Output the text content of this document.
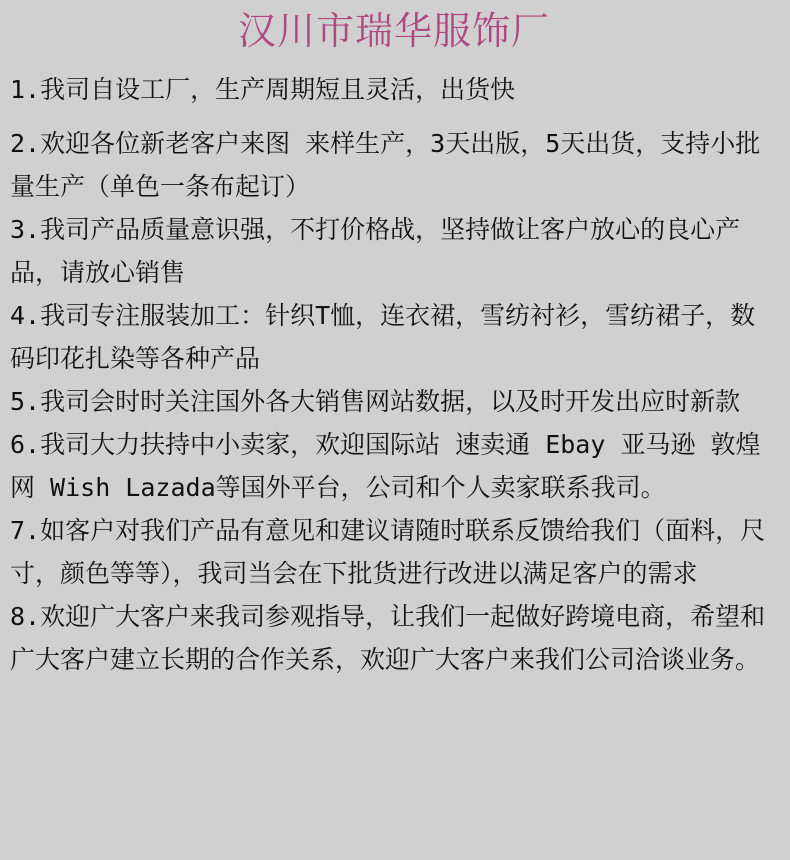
汉川市瑞华服饰厂
1.我司自设工厂，生产周期短且灵活，出货快
2.欢迎各位新老客户来图 来样生产，3天出版，5天出货，支持小批量生产（单色一条布起订）
3.我司产品质量意识强，不打价格战，坚持做让客户放心的良心产品，请放心销售
4.我司专注服装加工：针织T恤，连衣裙，雪纺衬衫，雪纺裙子，数码印花扎染等各种产品
5.我司会时时关注国外各大销售网站数据，以及时开发出应时新款
6.我司大力扶持中小卖家，欢迎国际站 速卖通 Ebay 亚马逊 敦煌网 Wish Lazada等国外平台，公司和个人卖家联系我司。
7.如客户对我们产品有意见和建议请随时联系反馈给我们（面料，尺寸，颜色等等），我司当会在下批货进行改进以满足客户的需求
8.欢迎广大客户来我司参观指导，让我们一起做好跨境电商，希望和广大客户建立长期的合作关系，欢迎广大客户来我们公司洽谈业务。
